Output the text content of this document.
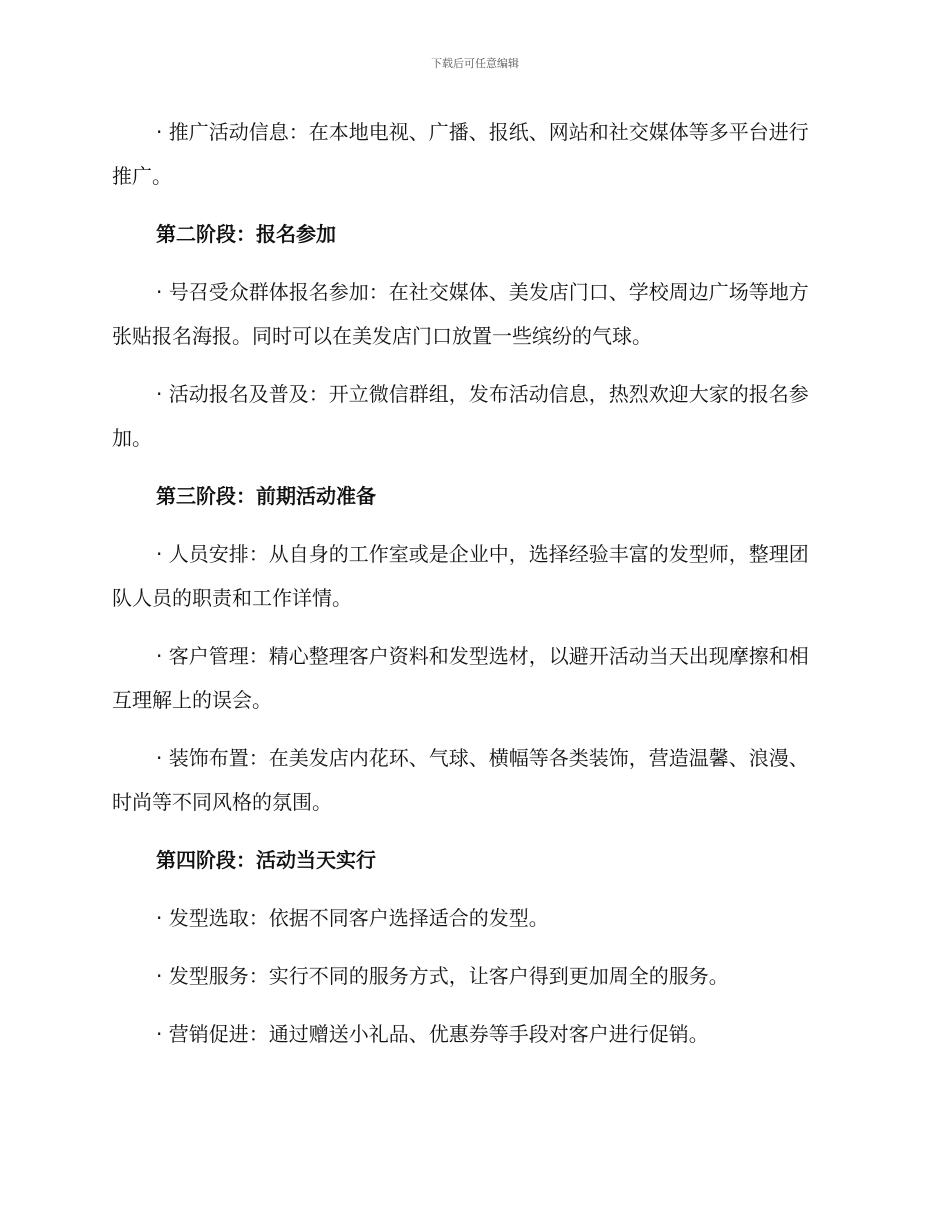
下载后可任意编辑

· 推广活动信息：在本地电视、广播、报纸、网站和社交媒体等多平台进行推广。

第二阶段：报名参加

· 号召受众群体报名参加：在社交媒体、美发店门口、学校周边广场等地方张贴报名海报。同时可以在美发店门口放置一些缤纷的气球。

· 活动报名及普及：开立微信群组，发布活动信息，热烈欢迎大家的报名参加。

第三阶段：前期活动准备

· 人员安排：从自身的工作室或是企业中，选择经验丰富的发型师，整理团队人员的职责和工作详情。

· 客户管理：精心整理客户资料和发型选材，以避开活动当天出现摩擦和相互理解上的误会。

· 装饰布置：在美发店内花环、气球、横幅等各类装饰，营造温馨、浪漫、时尚等不同风格的氛围。

第四阶段：活动当天实行

· 发型选取：依据不同客户选择适合的发型。

· 发型服务：实行不同的服务方式，让客户得到更加周全的服务。

· 营销促进：通过赠送小礼品、优惠券等手段对客户进行促销。
